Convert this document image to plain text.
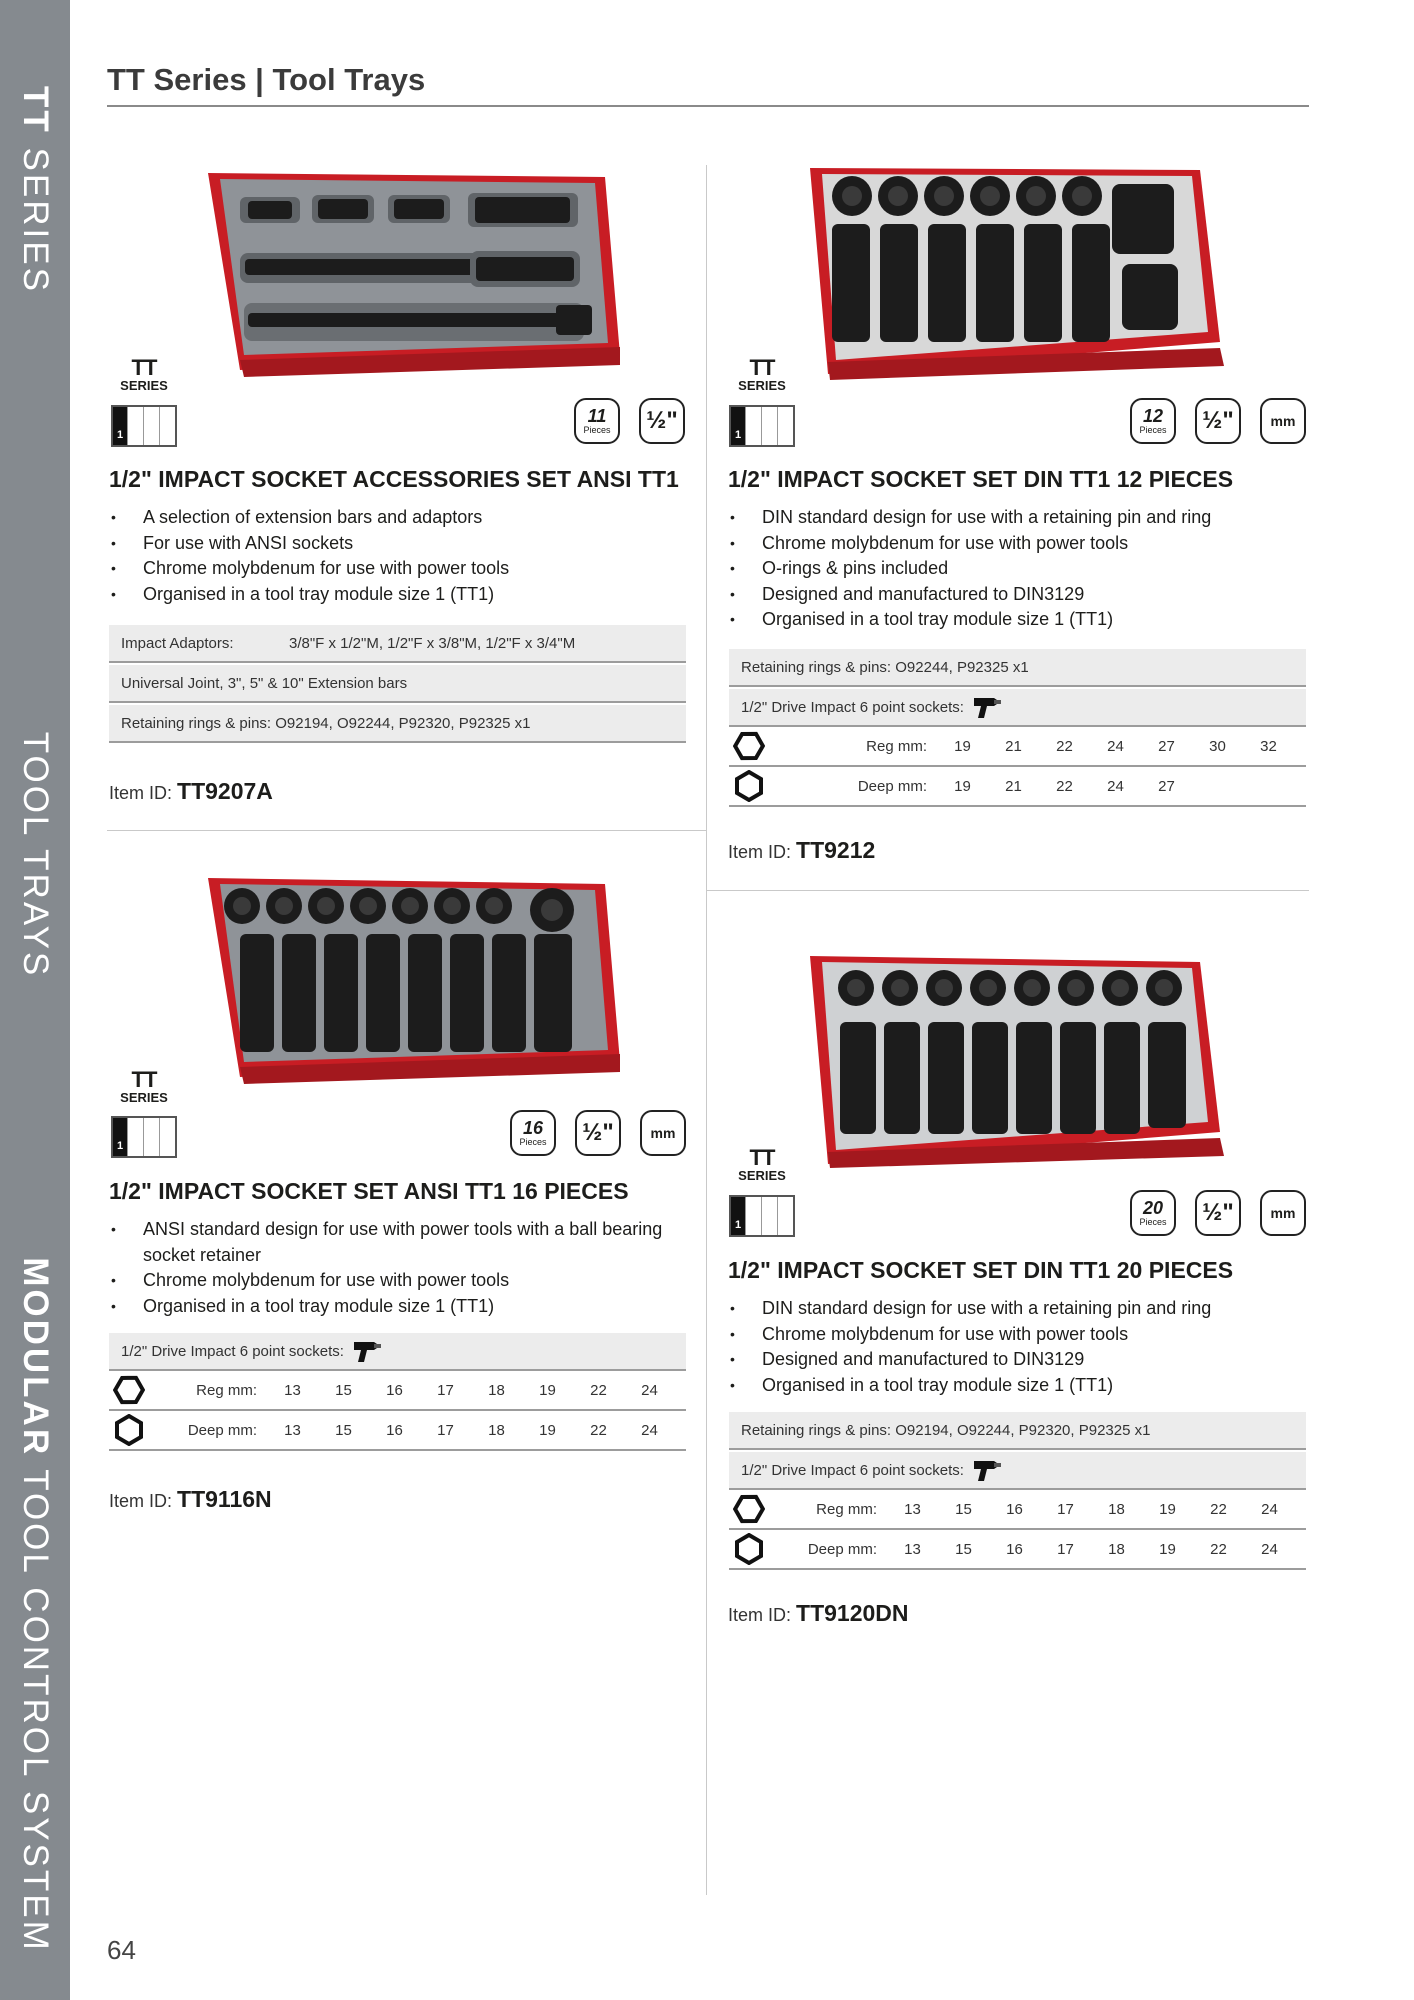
TT SERIES
TOOL TRAYS
MODULAR TOOL CONTROL SYSTEM
TT Series | Tool Trays
TT
SERIES
1
11
Pieces ½"
1/2" IMPACT SOCKET ACCESSORIES SET ANSI TT1
• A selection of extension bars and adaptors
• For use with ANSI sockets
• Chrome molybdenum for use with power tools
• Organised in a tool tray module size 1 (TT1)
Impact Adaptors:	3/8"F x 1/2"M, 1/2"F x 3/8"M, 1/2"F x 3/4"M
Universal Joint, 3", 5" & 10" Extension bars
Retaining rings & pins: O92194, O92244, P92320, P92325 x1
Item ID: TT9207A
TT
SERIES
1
12
Pieces ½"	mm
1/2" IMPACT SOCKET SET DIN TT1 12 PIECES
• DIN standard design for use with a retaining pin and ring
• Chrome molybdenum for use with power tools
• O-rings & pins included
• Designed and manufactured to DIN3129
• Organised in a tool tray module size 1 (TT1)
Retaining rings & pins: O92244, P92325 x1
1/2" Drive Impact 6 point sockets:
Reg mm:	19	21	22	24	27	30	32
Deep mm:	19	21	22	24	27
Item ID: TT9212
TT
SERIES
1
16
Pieces ½"	mm
1/2" IMPACT SOCKET SET ANSI TT1 16 PIECES
• ANSI standard design for use with power tools with a ball bearing socket retainer
• Chrome molybdenum for use with power tools
• Organised in a tool tray module size 1 (TT1)
1/2" Drive Impact 6 point sockets:
Reg mm:	13	15	16	17	18	19	22	24
Deep mm:	13	15	16	17	18	19	22	24
Item ID: TT9116N
TT
SERIES
1
20
Pieces ½"	mm
1/2" IMPACT SOCKET SET DIN TT1 20 PIECES
• DIN standard design for use with a retaining pin and ring
• Chrome molybdenum for use with power tools
• Designed and manufactured to DIN3129
• Organised in a tool tray module size 1 (TT1)
Retaining rings & pins: O92194, O92244, P92320, P92325 x1
1/2" Drive Impact 6 point sockets:
Reg mm:	13	15	16	17	18	19	22	24
Deep mm:	13	15	16	17	18	19	22	24
Item ID: TT9120DN
64
